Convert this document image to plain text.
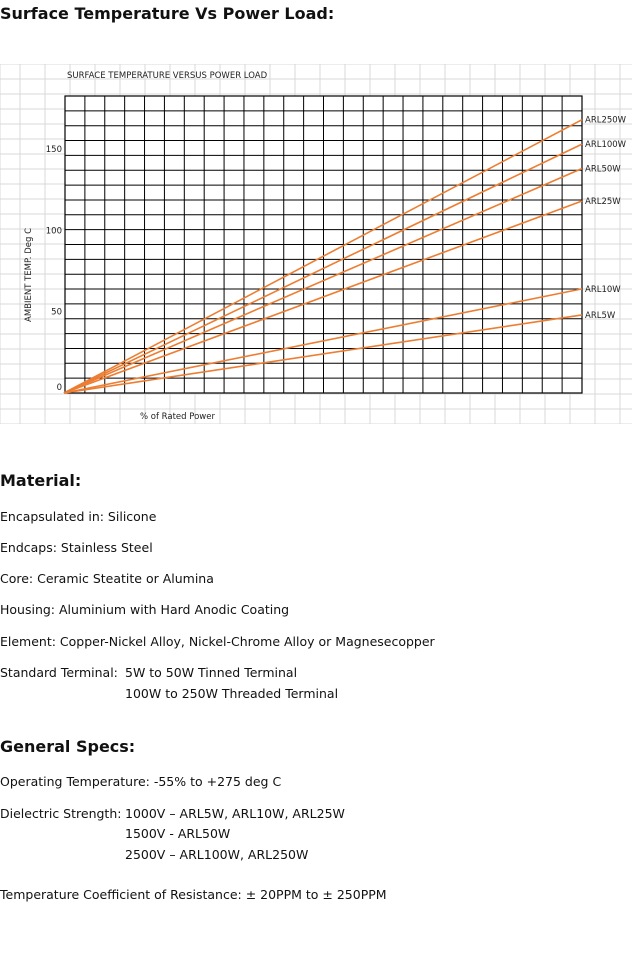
Surface Temperature Vs Power Load:
SURFACE TEMPERATURE VERSUS POWER LOAD
0
50
100
150
AMBIENT TEMP. Deg C
% of Rated Power
ARL250W
ARL100W
ARL50W
ARL25W
ARL10W
ARL5W
Material:
Encapsulated in: Silicone
Endcaps: Stainless Steel
Core: Ceramic Steatite or Alumina
Housing: Aluminium with Hard Anodic Coating
Element: Copper-Nickel Alloy, Nickel-Chrome Alloy or Magnesecopper
Standard Terminal: 5W to 50W Tinned Terminal
100W to 250W Threaded Terminal
General Specs:
Operating Temperature: -55% to +275 deg C
Dielectric Strength: 1000V – ARL5W, ARL10W, ARL25W
1500V - ARL50W
2500V – ARL100W, ARL250W
Temperature Coefficient of Resistance: ± 20PPM to ± 250PPM
